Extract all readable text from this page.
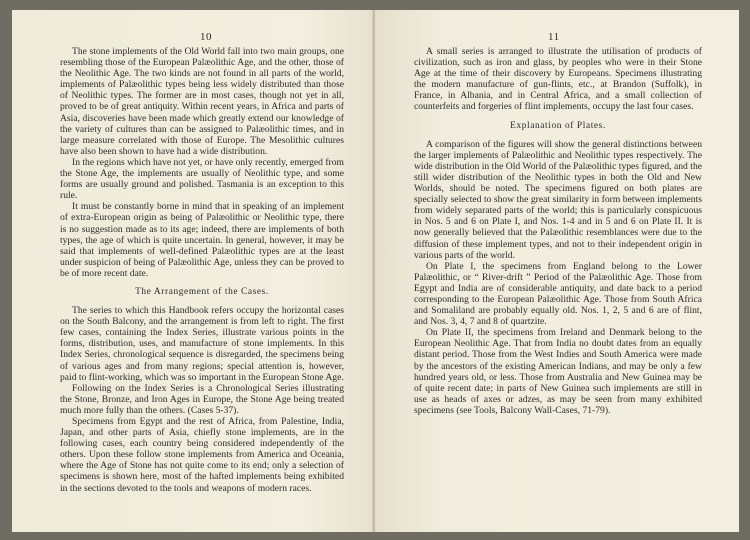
10

The stone implements of the Old World fall into two main groups, one resembling those of the European Palæolithic Age, and the other, those of the Neolithic Age. The two kinds are not found in all parts of the world, implements of Palæolithic types being less widely distributed than those of Neolithic types. The former are in most cases, though not yet in all, proved to be of great antiquity. Within recent years, in Africa and parts of Asia, discoveries have been made which greatly extend our knowledge of the variety of cultures than can be assigned to Palæolithic times, and in large measure correlated with those of Europe. The Mesolithic cultures have also been shown to have had a wide distribution.

In the regions which have not yet, or have only recently, emerged from the Stone Age, the implements are usually of Neolithic type, and some forms are usually ground and polished. Tasmania is an exception to this rule.

It must be constantly borne in mind that in speaking of an implement of extra-European origin as being of Palæolithic or Neolithic type, there is no suggestion made as to its age; indeed, there are implements of both types, the age of which is quite uncertain. In general, however, it may be said that implements of well-defined Palæolithic types are at the least under suspicion of being of Palæolithic Age, unless they can be proved to be of more recent date.

The Arrangement of the Cases.

The series to which this Handbook refers occupy the horizontal cases on the South Balcony, and the arrangement is from left to right. The first few cases, containing the Index Series, illustrate various points in the forms, distribution, uses, and manufacture of stone implements. In this Index Series, chronological sequence is disregarded, the specimens being of various ages and from many regions; special attention is, however, paid to flint-working, which was so important in the European Stone Age.

Following on the Index Series is a Chronological Series illustrating the Stone, Bronze, and Iron Ages in Europe, the Stone Age being treated much more fully than the others. (Cases 5-37).

Specimens from Egypt and the rest of Africa, from Palestine, India, Japan, and other parts of Asia, chiefly stone implements, are in the following cases, each country being considered independently of the others. Upon these follow stone implements from America and Oceania, where the Age of Stone has not quite come to its end; only a selection of specimens is shown here, most of the hafted implements being exhibited in the sections devoted to the tools and weapons of modern races.

11

A small series is arranged to illustrate the utilisation of products of civilization, such as iron and glass, by peoples who were in their Stone Age at the time of their discovery by Europeans. Specimens illustrating the modern manufacture of gun-flints, etc., at Brandon (Suffolk), in France, in Albania, and in Central Africa, and a small collection of counterfeits and forgeries of flint implements, occupy the last four cases.

Explanation of Plates.

A comparison of the figures will show the general distinctions between the larger implements of Palæolithic and Neolithic types respectively. The wide distribution in the Old World of the Palæolithic types figured, and the still wider distribution of the Neolithic types in both the Old and New Worlds, should be noted. The specimens figured on both plates are specially selected to show the great similarity in form between implements from widely separated parts of the world; this is particularly conspicuous in Nos. 5 and 6 on Plate I, and Nos. 1-4 and in 5 and 6 on Plate II. It is now generally believed that the Palæolithic resemblances were due to the diffusion of these implement types, and not to their independent origin in various parts of the world.

On Plate I, the specimens from England belong to the Lower Palæolithic, or “ River-drift ” Period of the Palæolithic Age. Those from Egypt and India are of considerable antiquity, and date back to a period corresponding to the European Palæolithic Age. Those from South Africa and Somaliland are probably equally old. Nos. 1, 2, 5 and 6 are of flint, and Nos. 3, 4, 7 and 8 of quartzite.

On Plate II, the specimens from Ireland and Denmark belong to the European Neolithic Age. That from India no doubt dates from an equally distant period. Those from the West Indies and South America were made by the ancestors of the existing American Indians, and may be only a few hundred years old, or less. Those from Australia and New Guinea may be of quite recent date; in parts of New Guinea such implements are still in use as heads of axes or adzes, as may be seen from many exhibited specimens (see Tools, Balcony Wall-Cases, 71-79).
